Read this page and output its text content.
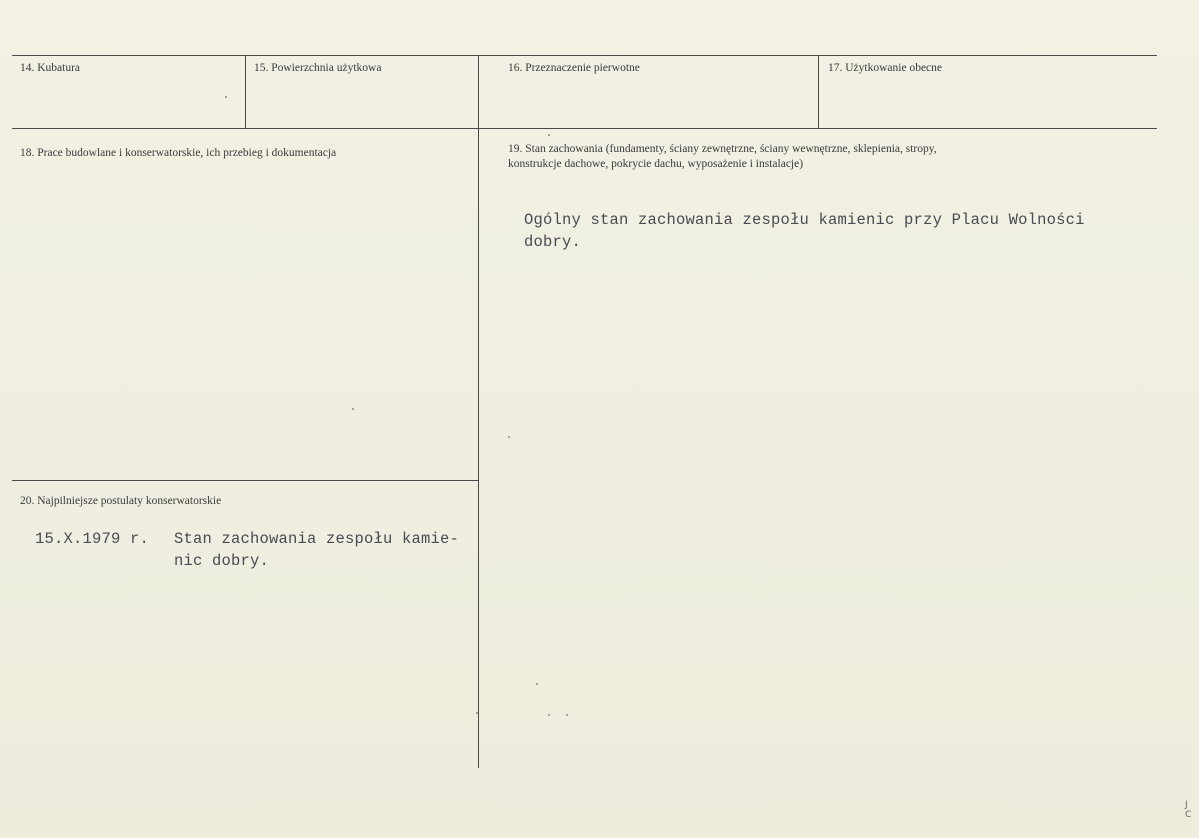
14. Kubatura	15. Powierzchnia użytkowa	16. Przeznaczenie pierwotne	17. Użytkowanie obecne
18. Prace budowlane i konserwatorskie, ich przebieg i dokumentacja	19. Stan zachowania (fundamenty, ściany zewnętrzne, ściany wewnętrzne, sklepienia, stropy,
konstrukcje dachowe, pokrycie dachu, wyposażenie i instalacje)
Ogólny stan zachowania zespołu kamienic przy Placu Wolności
dobry.
20. Najpilniejsze postulaty konserwatorskie
15.X.1979 r. Stan zachowania zespołu kamie-
nic dobry.
J C
